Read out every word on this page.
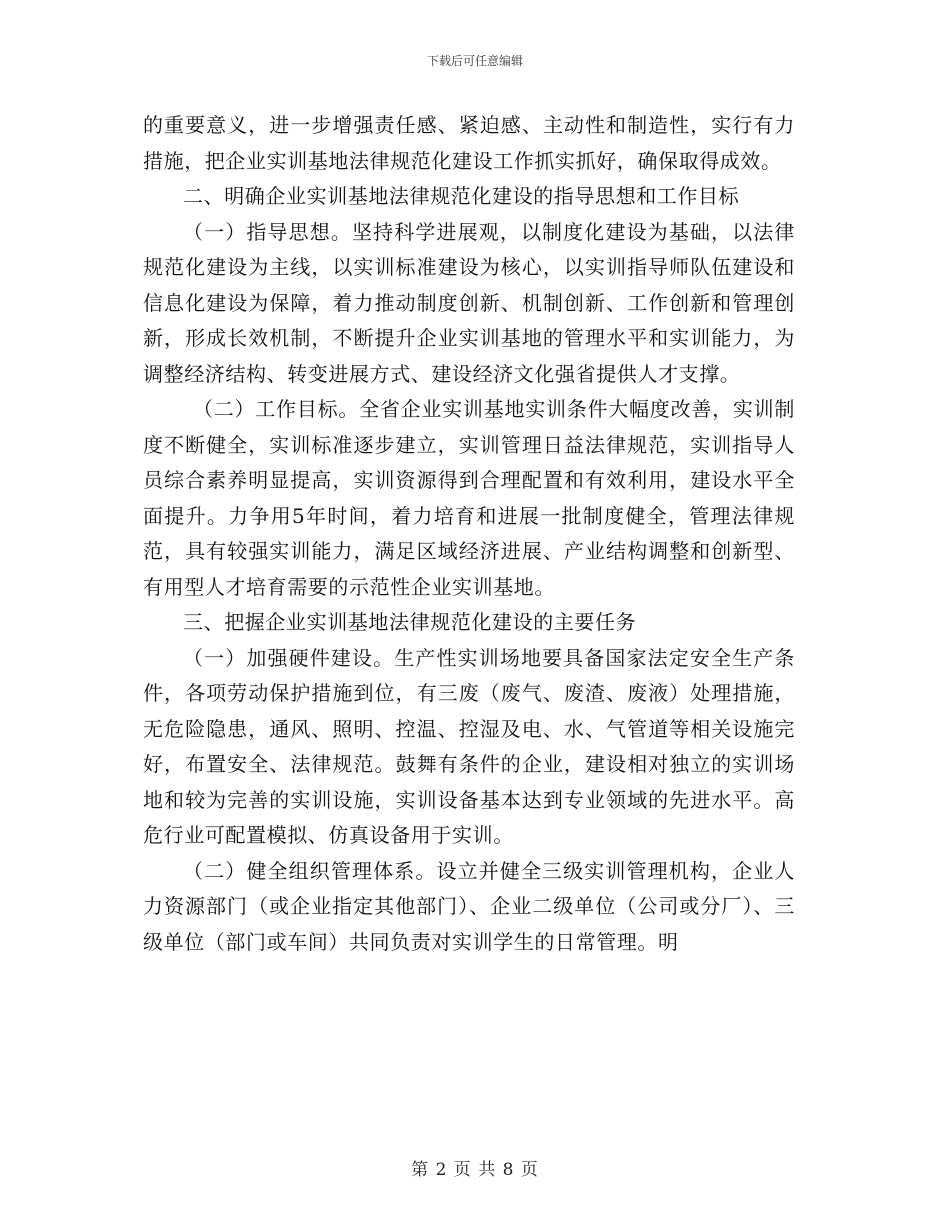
下载后可任意编辑

的重要意义，进一步增强责任感、紧迫感、主动性和制造性，实行有力措施，把企业实训基地法律规范化建设工作抓实抓好，确保取得成效。

二、明确企业实训基地法律规范化建设的指导思想和工作目标

（一）指导思想。坚持科学进展观，以制度化建设为基础，以法律规范化建设为主线，以实训标准建设为核心，以实训指导师队伍建设和信息化建设为保障，着力推动制度创新、机制创新、工作创新和管理创新，形成长效机制，不断提升企业实训基地的管理水平和实训能力，为调整经济结构、转变进展方式、建设经济文化强省提供人才支撑。

（二）工作目标。全省企业实训基地实训条件大幅度改善，实训制度不断健全，实训标准逐步建立，实训管理日益法律规范，实训指导人员综合素养明显提高，实训资源得到合理配置和有效利用，建设水平全面提升。力争用5年时间，着力培育和进展一批制度健全，管理法律规范，具有较强实训能力，满足区域经济进展、产业结构调整和创新型、有用型人才培育需要的示范性企业实训基地。

三、把握企业实训基地法律规范化建设的主要任务

（一）加强硬件建设。生产性实训场地要具备国家法定安全生产条件，各项劳动保护措施到位，有三废（废气、废渣、废液）处理措施，无危险隐患，通风、照明、控温、控湿及电、水、气管道等相关设施完好，布置安全、法律规范。鼓舞有条件的企业，建设相对独立的实训场地和较为完善的实训设施，实训设备基本达到专业领域的先进水平。高危行业可配置模拟、仿真设备用于实训。

（二）健全组织管理体系。设立并健全三级实训管理机构，企业人力资源部门（或企业指定其他部门）、企业二级单位（公司或分厂）、三级单位（部门或车间）共同负责对实训学生的日常管理。明

第 2 页 共 8 页
